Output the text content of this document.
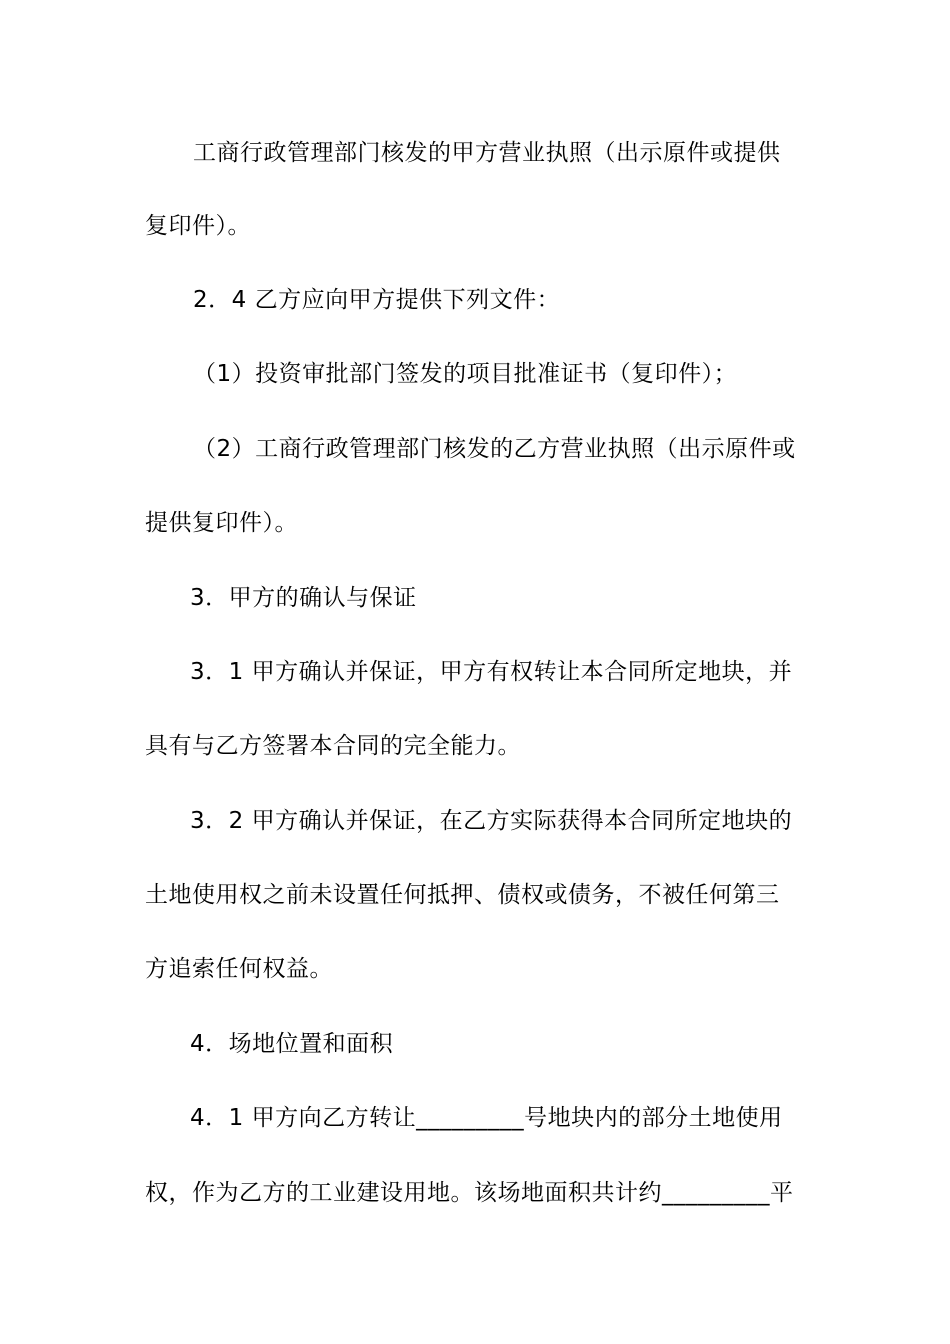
工商行政管理部门核发的甲方营业执照（出示原件或提供
复印件）。
2．4 乙方应向甲方提供下列文件：
（1）投资审批部门签发的项目批准证书（复印件）；
（2）工商行政管理部门核发的乙方营业执照（出示原件或
提供复印件）。
3．甲方的确认与保证
3．1 甲方确认并保证，甲方有权转让本合同所定地块，并
具有与乙方签署本合同的完全能力。
3．2 甲方确认并保证，在乙方实际获得本合同所定地块的
土地使用权之前未设置任何抵押、债权或债务，不被任何第三
方追索任何权益。
4．场地位置和面积
4．1 甲方向乙方转让_________号地块内的部分土地使用
权，作为乙方的工业建设用地。该场地面积共计约_________平
